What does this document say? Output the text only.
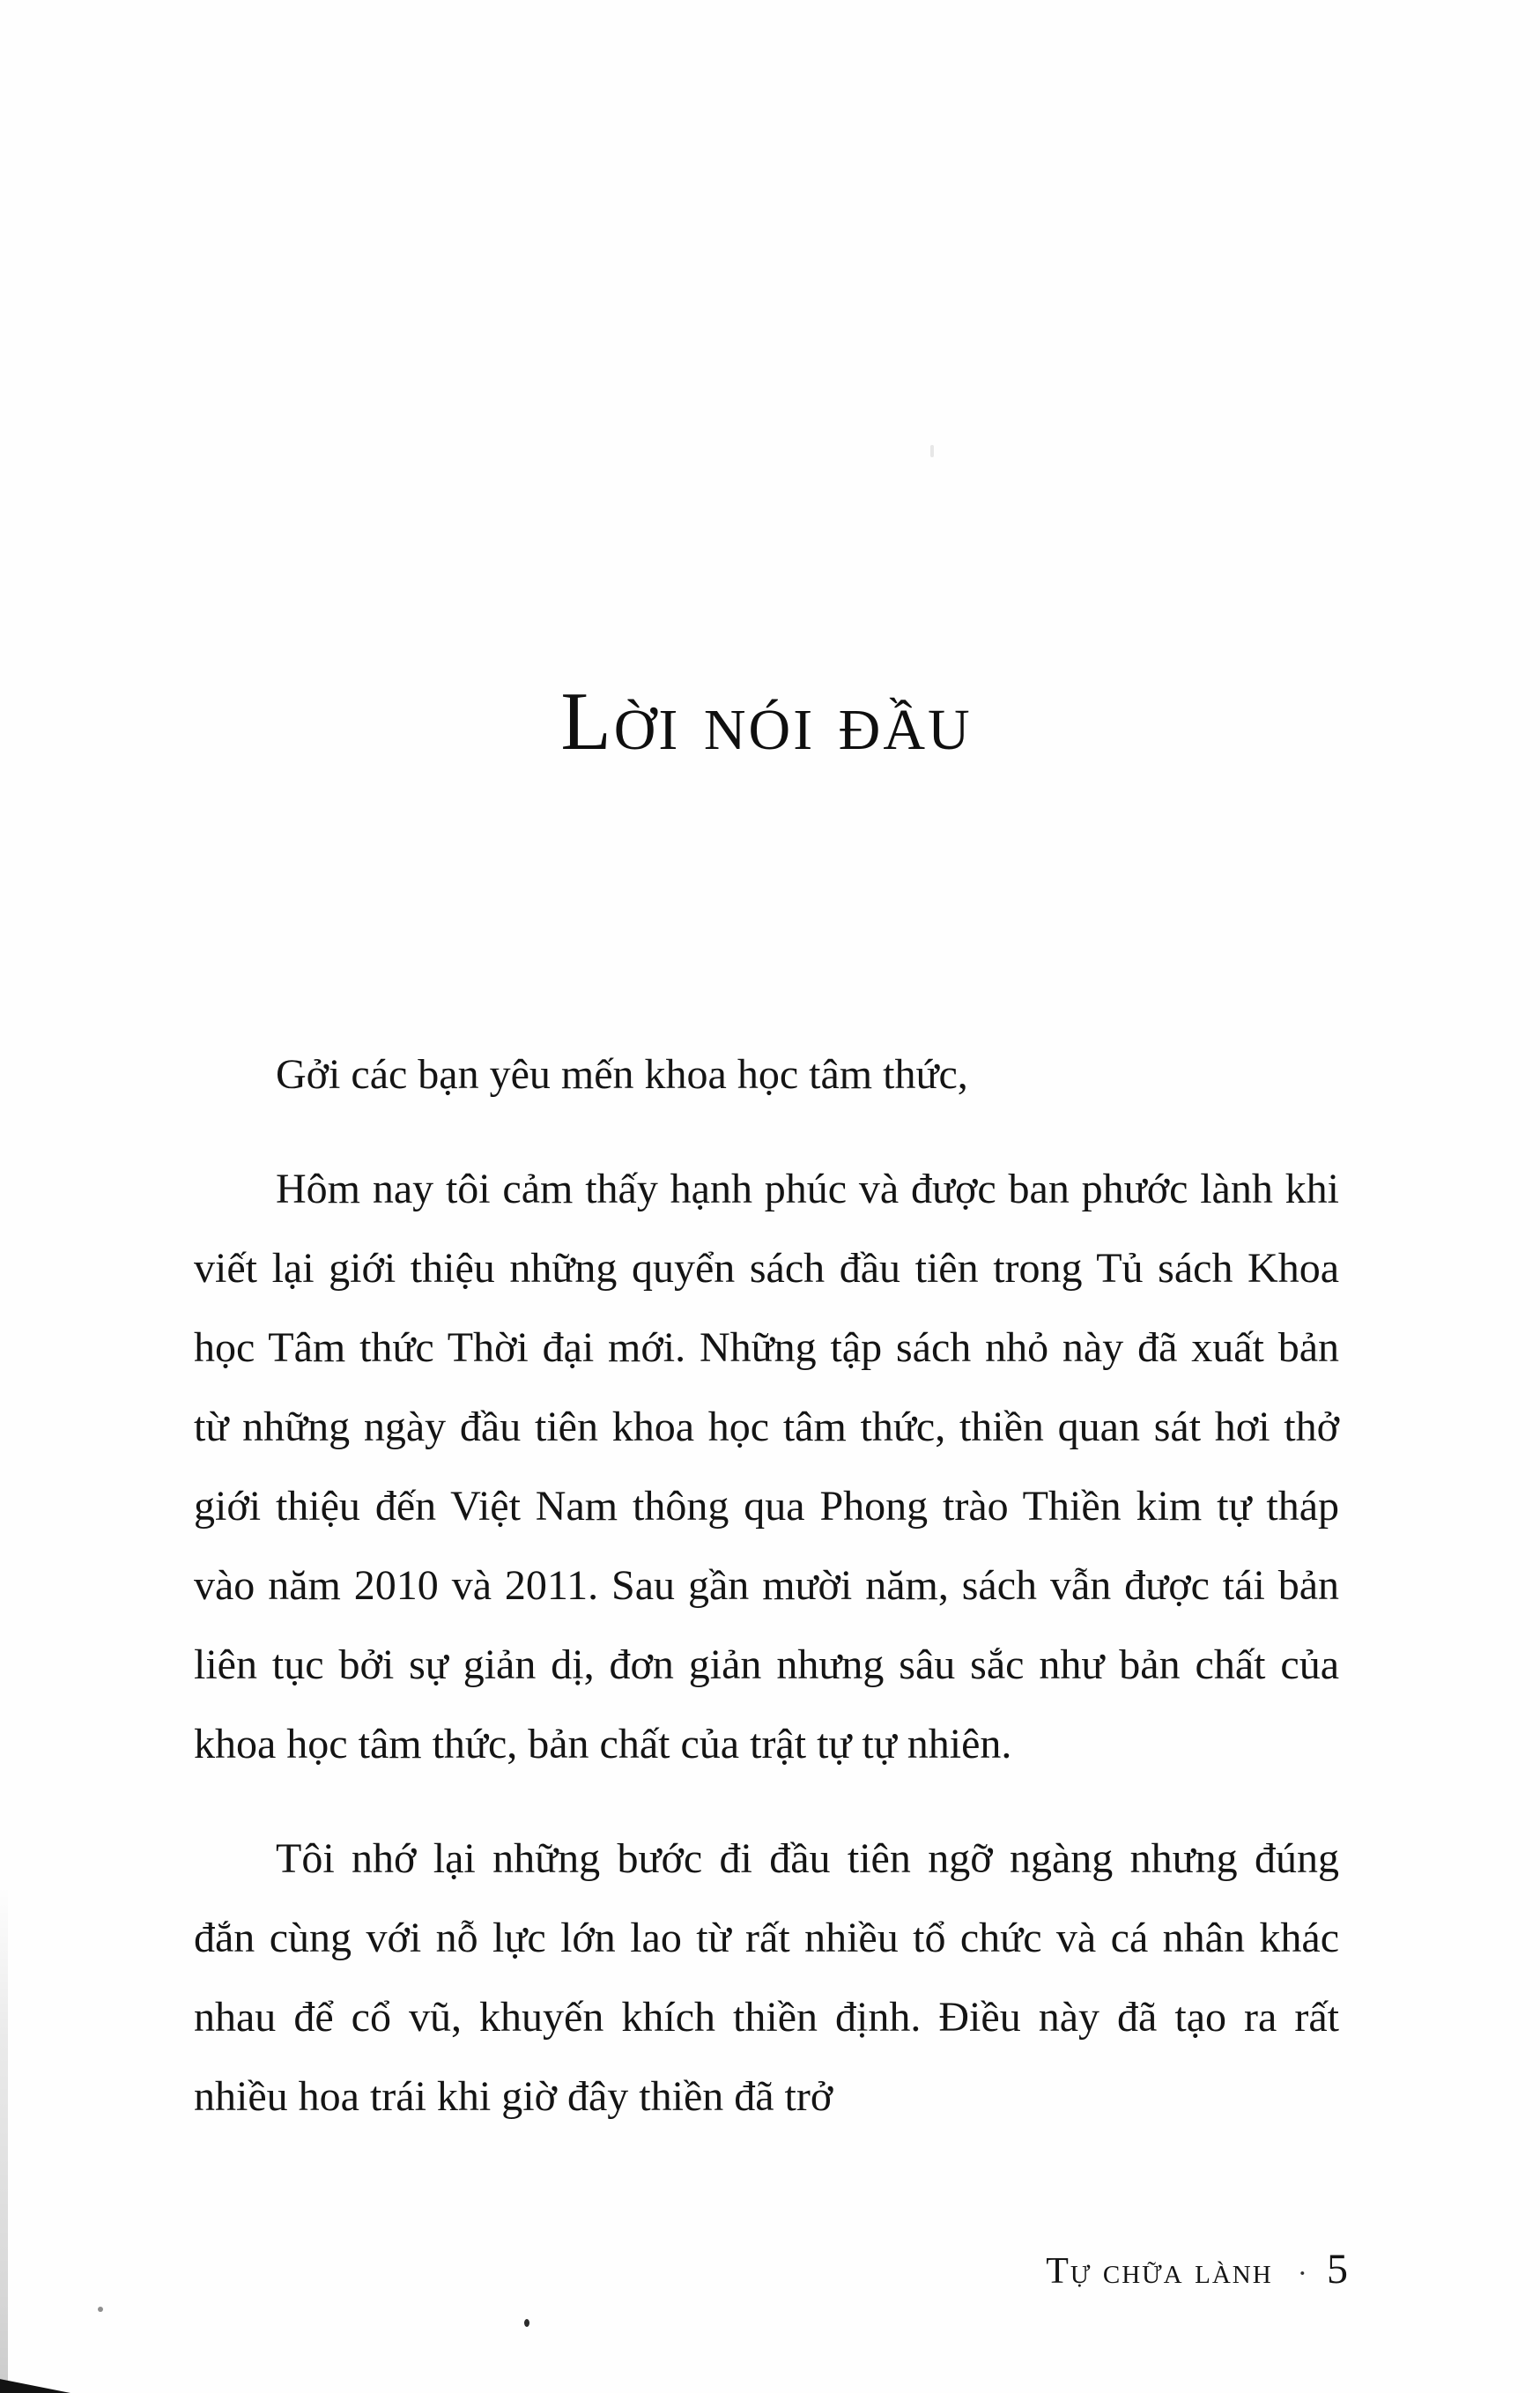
Lời nói đầu

Gởi các bạn yêu mến khoa học tâm thức,

Hôm nay tôi cảm thấy hạnh phúc và được ban phước lành khi viết lại giới thiệu những quyển sách đầu tiên trong Tủ sách Khoa học Tâm thức Thời đại mới. Những tập sách nhỏ này đã xuất bản từ những ngày đầu tiên khoa học tâm thức, thiền quan sát hơi thở giới thiệu đến Việt Nam thông qua Phong trào Thiền kim tự tháp vào năm 2010 và 2011. Sau gần mười năm, sách vẫn được tái bản liên tục bởi sự giản dị, đơn giản nhưng sâu sắc như bản chất của khoa học tâm thức, bản chất của trật tự tự nhiên.

Tôi nhớ lại những bước đi đầu tiên ngỡ ngàng nhưng đúng đắn cùng với nỗ lực lớn lao từ rất nhiều tổ chức và cá nhân khác nhau để cổ vũ, khuyến khích thiền định. Điều này đã tạo ra rất nhiều hoa trái khi giờ đây thiền đã trở

Tự chữa lành · 5
